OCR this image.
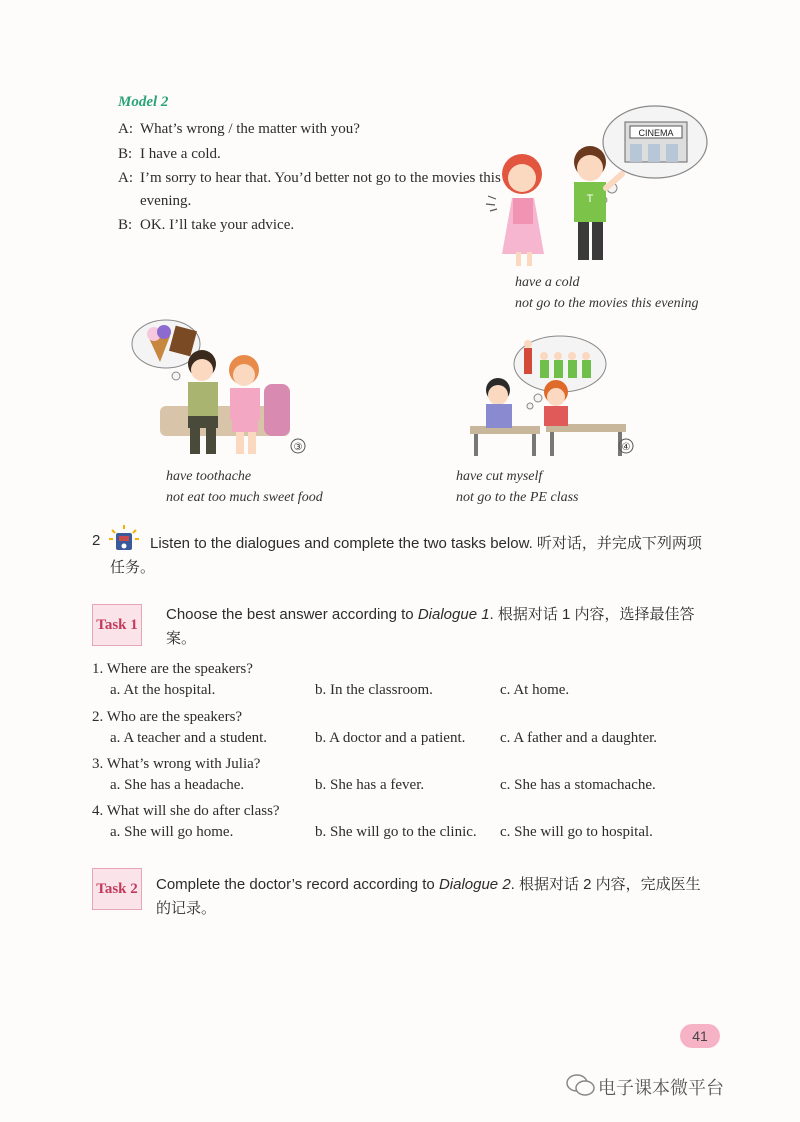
Model 2
A: What’s wrong / the matter with you?
B: I have a cold.
A: I’m sorry to hear that. You’d better not go to the movies this
evening.
B: OK. I’ll take your advice.
CINEMA
T
have a cold
not go to the movies this evening
③
have toothache
not eat too much sweet food
④
have cut myself
not go to the PE class
2	Listen to the dialogues and complete the two tasks below. 听对话，并完成下列两项
任务。
Task 1
Choose the best answer according to Dialogue 1. 根据对话 1 内容，选择最佳答
案。
1. Where are the speakers?
a. At the hospital.	b. In the classroom.	c. At home.
2. Who are the speakers?
a. A teacher and a student.	b. A doctor and a patient. c. A father and a daughter.
3. What’s wrong with Julia?
a. She has a headache.	b. She has a fever.	c. She has a stomachache.
4. What will she do after class?
a. She will go home.	b. She will go to the clinic. c. She will go to hospital.
Task 2 Complete the doctor’s record according to Dialogue 2. 根据对话 2 内容，完成医生
的记录。
41
电子课本微平台
